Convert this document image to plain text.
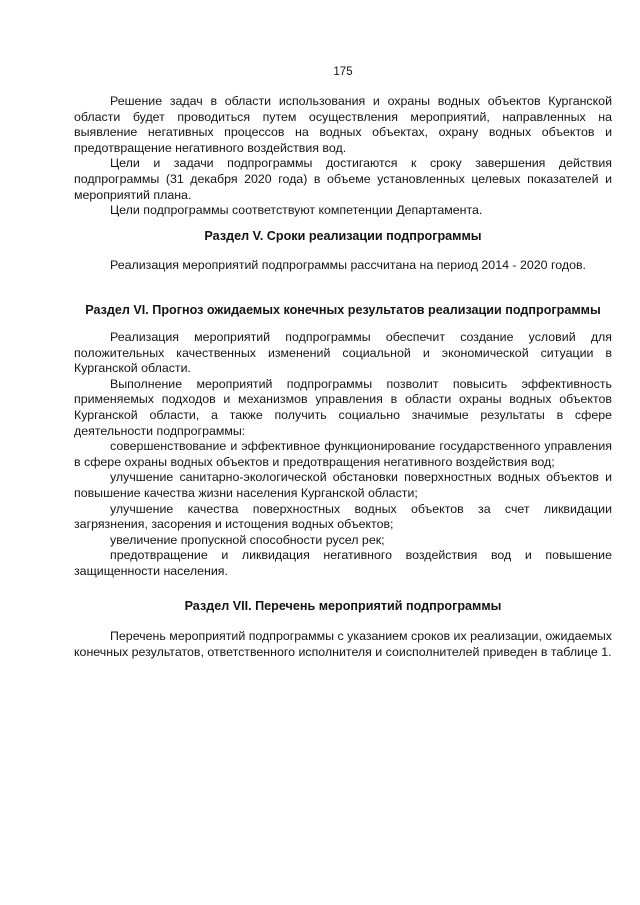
175

Решение задач в области использования и охраны водных объектов Курганской области будет проводиться путем осуществления мероприятий, направленных на выявление негативных процессов на водных объектах, охрану водных объектов и предотвращение негативного воздействия вод.

Цели и задачи подпрограммы достигаются к сроку завершения действия подпрограммы (31 декабря 2020 года) в объеме установленных целевых показателей и мероприятий плана.

Цели подпрограммы соответствуют компетенции Департамента.

Раздел V. Сроки реализации подпрограммы

Реализация мероприятий подпрограммы рассчитана на период 2014 - 2020 годов.

Раздел VI. Прогноз ожидаемых конечных результатов реализации подпрограммы

Реализация мероприятий подпрограммы обеспечит создание условий для положительных качественных изменений социальной и экономической ситуации в Курганской области.

Выполнение мероприятий подпрограммы позволит повысить эффективность применяемых подходов и механизмов управления в области охраны водных объектов Курганской области, а также получить социально значимые результаты в сфере деятельности подпрограммы:

совершенствование и эффективное функционирование государственного управления в сфере охраны водных объектов и предотвращения негативного воздействия вод;

улучшение санитарно-экологической обстановки поверхностных водных объектов и повышение качества жизни населения Курганской области;

улучшение качества поверхностных водных объектов за счет ликвидации загрязнения, засорения и истощения водных объектов;

увеличение пропускной способности русел рек;

предотвращение и ликвидация негативного воздействия вод и повышение защищенности населения.

Раздел VII. Перечень мероприятий подпрограммы

Перечень мероприятий подпрограммы с указанием сроков их реализации, ожидаемых конечных результатов, ответственного исполнителя и соисполнителей приведен в таблице 1.
